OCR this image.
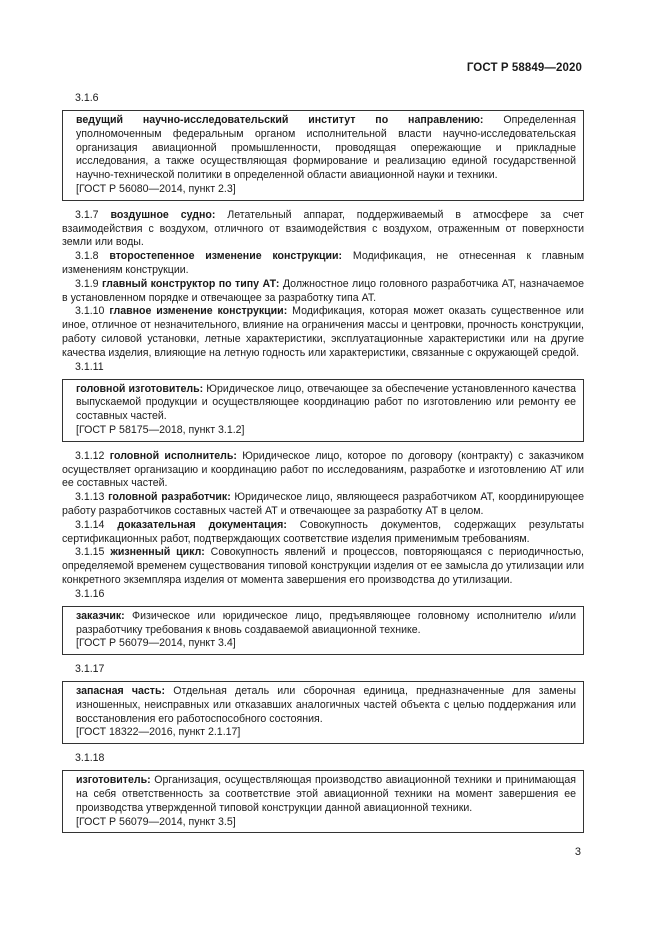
ГОСТ Р 58849—2020
3.1.6

ведущий научно-исследовательский институт по направлению: Определенная уполномоченным федеральным органом исполнительной власти научно-исследовательская организация авиационной промышленности, проводящая опережающие и прикладные исследования, а также осуществляющая формирование и реализацию единой государственной научно-технической политики в определенной области авиационной науки и техники.

[ГОСТ Р 56080—2014, пункт 2.3]

3.1.7 воздушное судно: Летательный аппарат, поддерживаемый в атмосфере за счет взаимодействия с воздухом, отличного от взаимодействия с воздухом, отраженным от поверхности земли или воды.

3.1.8 второстепенное изменение конструкции: Модификация, не отнесенная к главным изменениям конструкции.

3.1.9 главный конструктор по типу АТ: Должностное лицо головного разработчика АТ, назначаемое в установленном порядке и отвечающее за разработку типа АТ.

3.1.10 главное изменение конструкции: Модификация, которая может оказать существенное или иное, отличное от незначительного, влияние на ограничения массы и центровки, прочность конструкции, работу силовой установки, летные характеристики, эксплуатационные характеристики или на другие качества изделия, влияющие на летную годность или характеристики, связанные с окружающей средой.

3.1.11

головной изготовитель: Юридическое лицо, отвечающее за обеспечение установленного качества выпускаемой продукции и осуществляющее координацию работ по изготовлению или ремонту ее составных частей.

[ГОСТ Р 58175—2018, пункт 3.1.2]

3.1.12 головной исполнитель: Юридическое лицо, которое по договору (контракту) с заказчиком осуществляет организацию и координацию работ по исследованиям, разработке и изготовлению АТ или ее составных частей.

3.1.13 головной разработчик: Юридическое лицо, являющееся разработчиком АТ, координирующее работу разработчиков составных частей АТ и отвечающее за разработку АТ в целом.

3.1.14 доказательная документация: Совокупность документов, содержащих результаты сертификационных работ, подтверждающих соответствие изделия применимым требованиям.

3.1.15 жизненный цикл: Совокупность явлений и процессов, повторяющаяся с периодичностью, определяемой временем существования типовой конструкции изделия от ее замысла до утилизации или конкретного экземпляра изделия от момента завершения его производства до утилизации.

3.1.16

заказчик: Физическое или юридическое лицо, предъявляющее головному исполнителю и/или разработчику требования к вновь создаваемой авиационной технике.

[ГОСТ Р 56079—2014, пункт 3.4]
3.1.17

запасная часть: Отдельная деталь или сборочная единица, предназначенные для замены изношенных, неисправных или отказавших аналогичных частей объекта с целью поддержания или восстановления его работоспособного состояния.

[ГОСТ 18322—2016, пункт 2.1.17]
3.1.18

изготовитель: Организация, осуществляющая производство авиационной техники и принимающая на себя ответственность за соответствие этой авиационной техники на момент завершения ее производства утвержденной типовой конструкции данной авиационной техники.

[ГОСТ Р 56079—2014, пункт 3.5]
3
